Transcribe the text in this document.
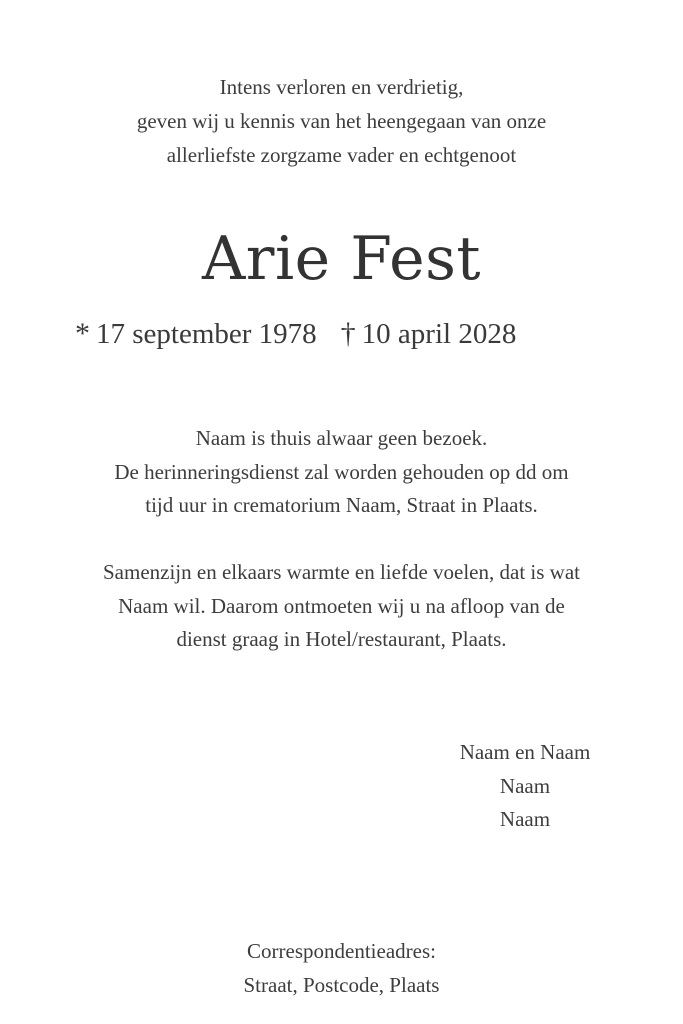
Intens verloren en verdrietig,
geven wij u kennis van het heengegaan van onze
allerliefste zorgzame vader en echtgenoot
Arie Fest
* 17 september 1978 † 10 april 2028
Naam is thuis alwaar geen bezoek.
De herinneringsdienst zal worden gehouden op dd om
tijd uur in crematorium Naam, Straat in Plaats.
Samenzijn en elkaars warmte en liefde voelen, dat is wat
Naam wil. Daarom ontmoeten wij u na afloop van de
dienst graag in Hotel/restaurant, Plaats.
Naam en Naam
Naam
Naam
Correspondentieadres:
Straat, Postcode, Plaats
